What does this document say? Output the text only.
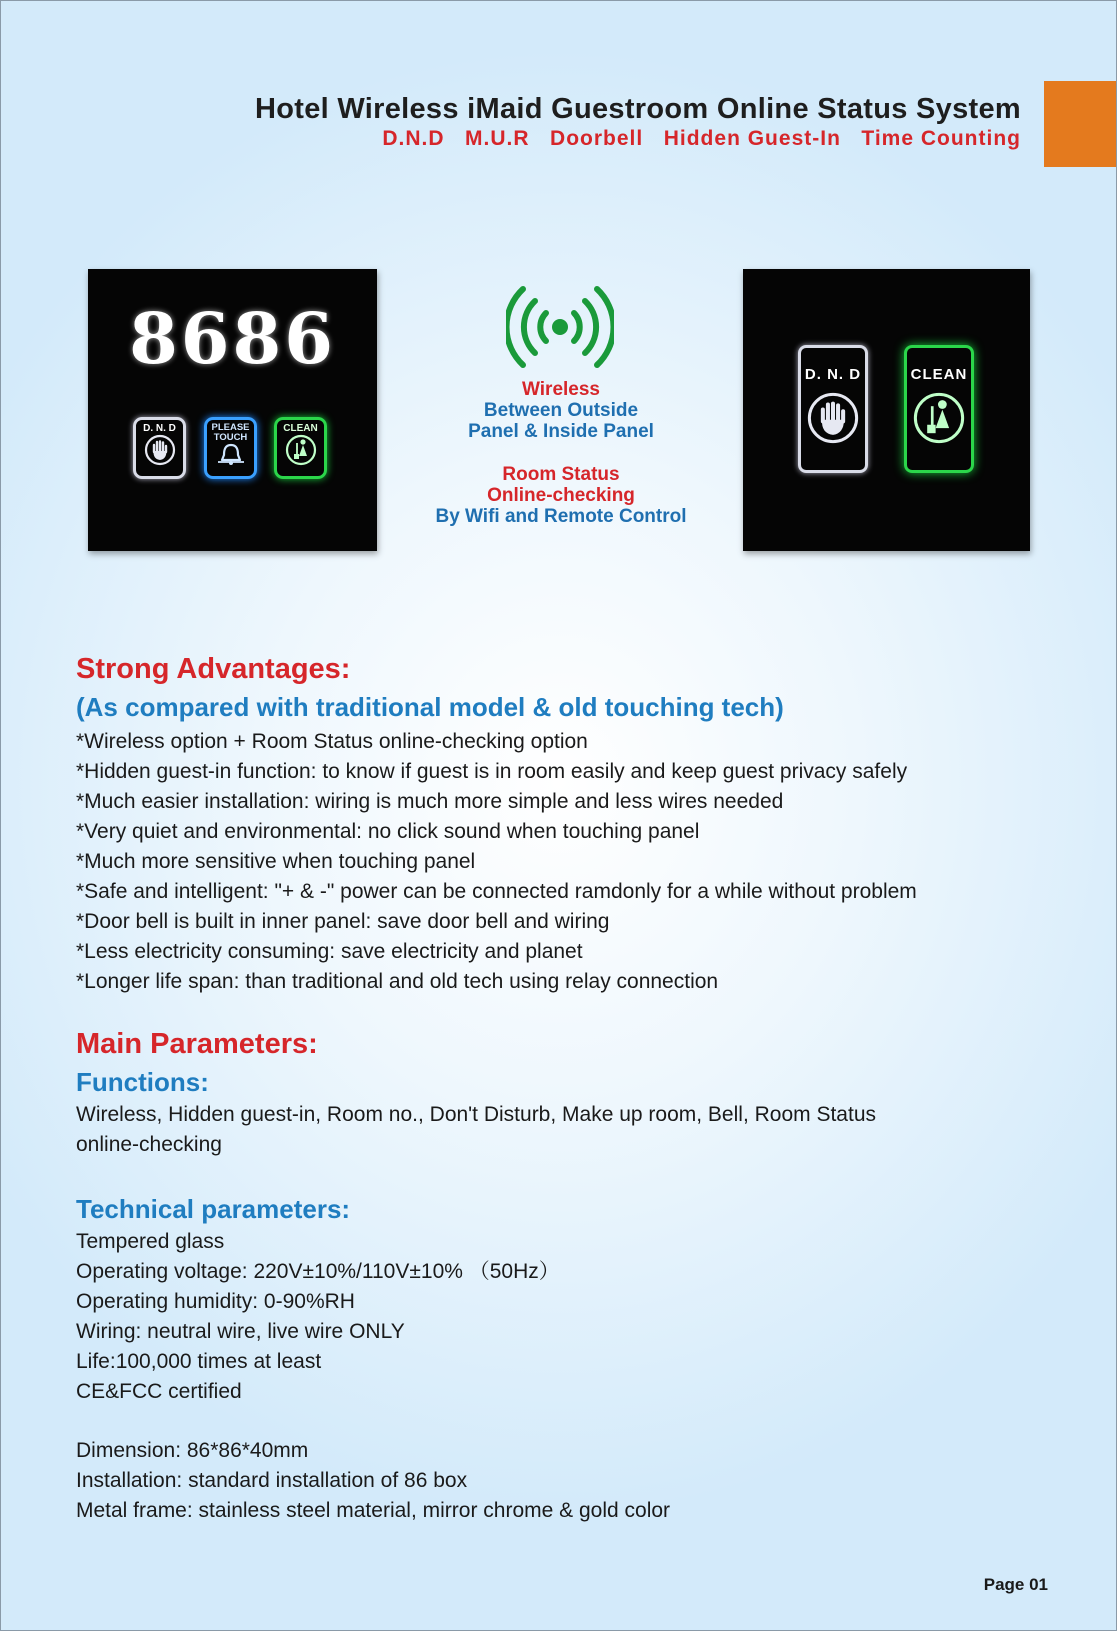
Hotel Wireless iMaid Guestroom Online Status System
D.N.D   M.U.R   Doorbell   Hidden Guest-In   Time Counting
8686
D. N. D	PLEASE
TOUCH
CLEAN
Wireless
Between Outside
Panel & Inside Panel
Room Status
Online-checking
By Wifi and Remote Control
D. N. D	CLEAN
Strong Advantages:
(As compared with traditional model & old touching tech)
*Wireless option + Room Status online-checking option
*Hidden guest-in function: to know if guest is in room easily and keep guest privacy safely
*Much easier installation: wiring is much more simple and less wires needed
*Very quiet and environmental: no click sound when touching panel
*Much more sensitive when touching panel
*Safe and intelligent: "+ & -" power can be connected ramdonly for a while without problem
*Door bell is built in inner panel: save door bell and wiring
*Less electricity consuming: save electricity and planet
*Longer life span: than traditional and old tech using relay connection
Main Parameters:
Functions:
Wireless, Hidden guest-in, Room no., Don't Disturb, Make up room, Bell, Room Status
online-checking
Technical parameters:
Tempered glass
Operating voltage: 220V±10%/110V±10% （50Hz）
Operating humidity: 0-90%RH
Wiring: neutral wire, live wire ONLY
Life:100,000 times at least
CE&FCC certified
Dimension: 86*86*40mm
Installation: standard installation of 86 box
Metal frame: stainless steel material, mirror chrome & gold color
Page 01
